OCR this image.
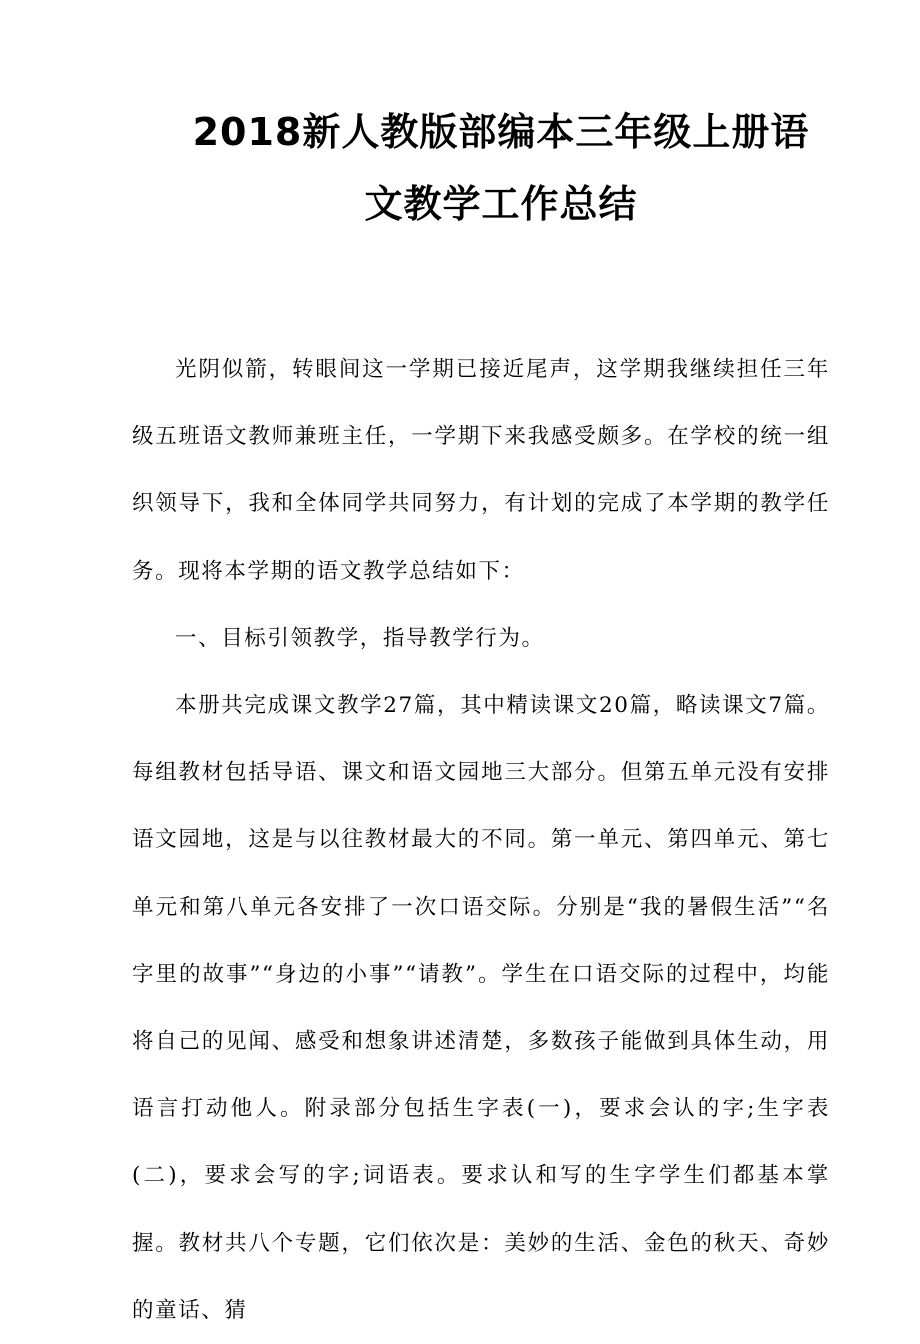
2018新人教版部编本三年级上册语
文教学工作总结

光阴似箭，转眼间这一学期已接近尾声，这学期我继续担任三年级五班语文教师兼班主任，一学期下来我感受颇多。在学校的统一组织领导下，我和全体同学共同努力，有计划的完成了本学期的教学任务。现将本学期的语文教学总结如下：

一、目标引领教学，指导教学行为。

本册共完成课文教学27篇，其中精读课文20篇，略读课文7篇。每组教材包括导语、课文和语文园地三大部分。但第五单元没有安排语文园地，这是与以往教材最大的不同。第一单元、第四单元、第七单元和第八单元各安排了一次口语交际。分别是“我的暑假生活”“名字里的故事”“身边的小事”“请教”。学生在口语交际的过程中，均能将自己的见闻、感受和想象讲述清楚，多数孩子能做到具体生动，用语言打动他人。附录部分包括生字表(一)，要求会认的字;生字表(二)，要求会写的字;词语表。要求认和写的生字学生们都基本掌握。教材共八个专题，它们依次是：美妙的生活、金色的秋天、奇妙的童话、猜
